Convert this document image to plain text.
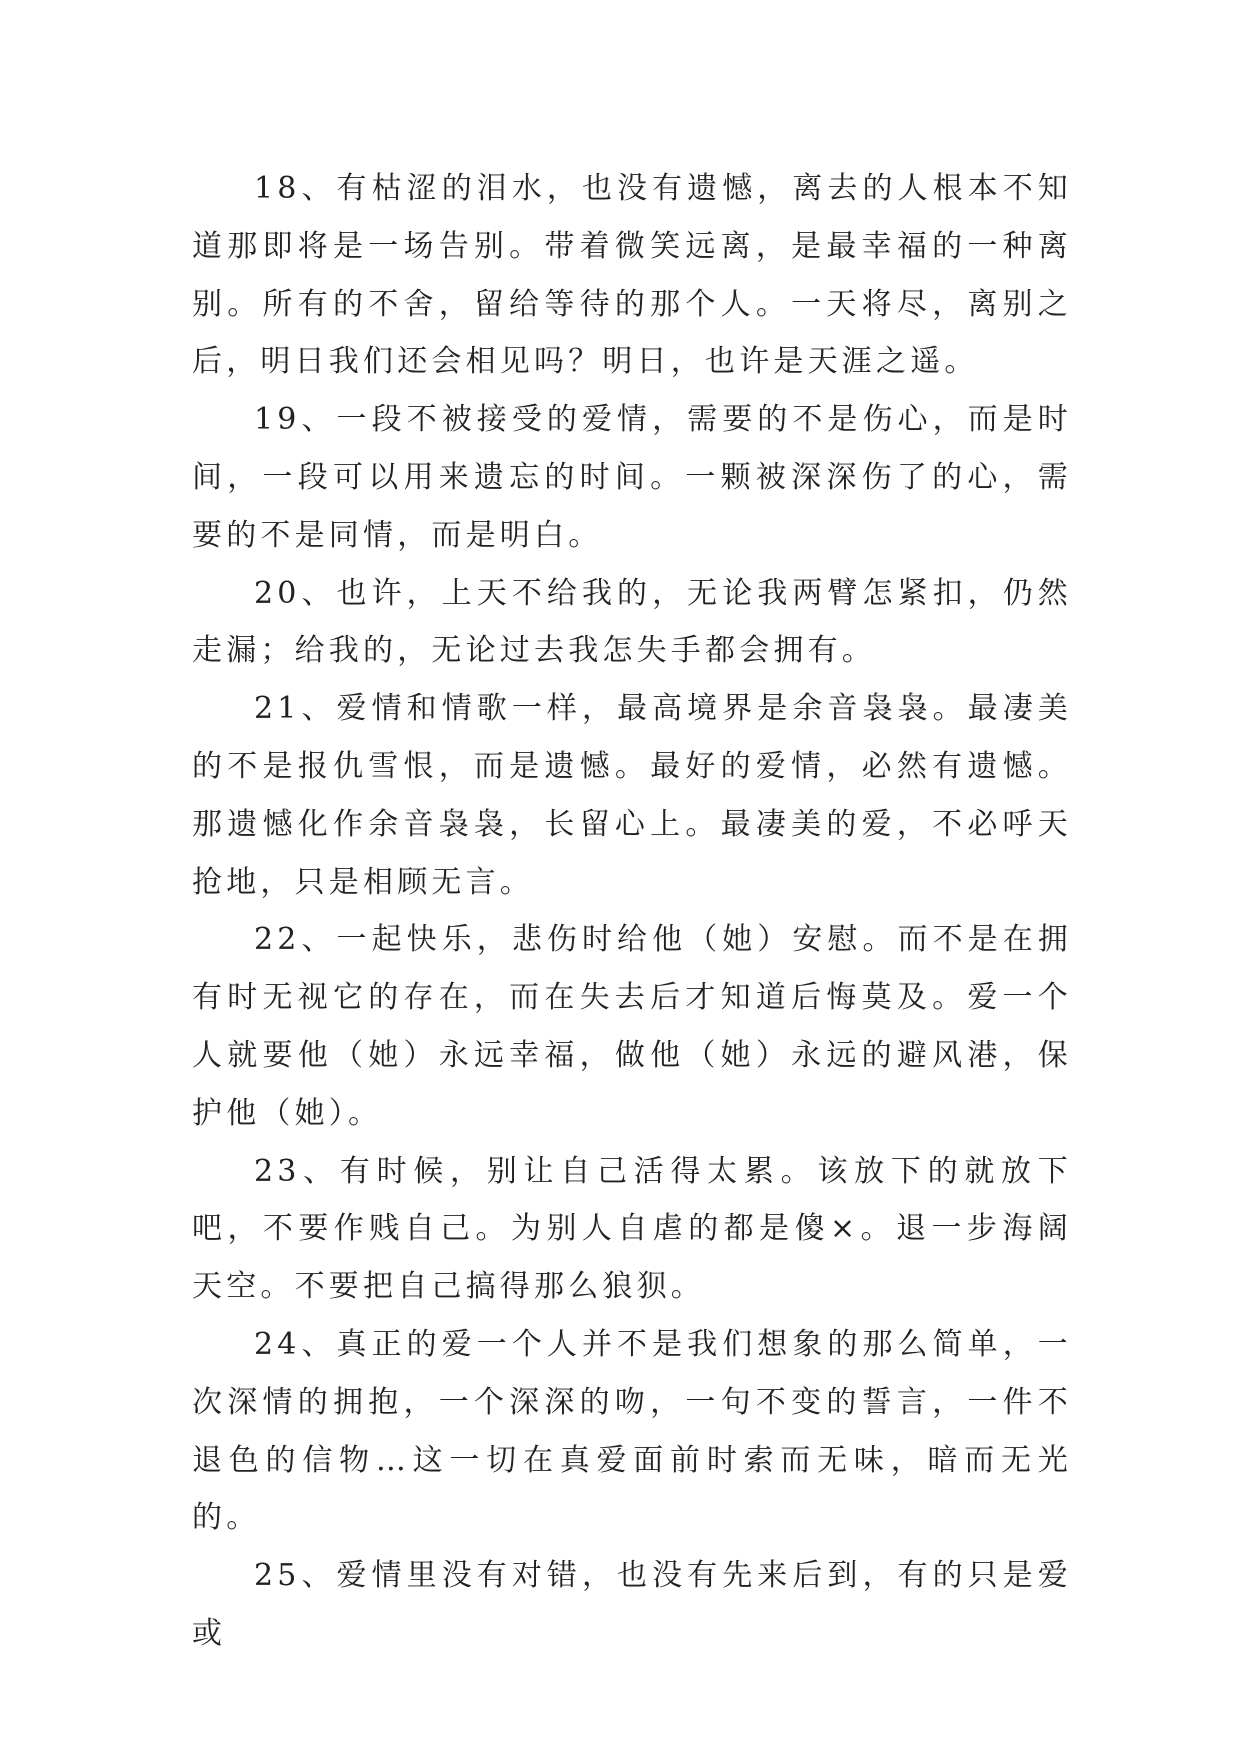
18、有枯涩的泪水，也没有遗憾，离去的人根本不知道那即将是一场告别。带着微笑远离，是最幸福的一种离别。所有的不舍，留给等待的那个人。一天将尽，离别之后，明日我们还会相见吗？明日，也许是天涯之遥。

19、一段不被接受的爱情，需要的不是伤心，而是时间，一段可以用来遗忘的时间。一颗被深深伤了的心，需要的不是同情，而是明白。

20、也许，上天不给我的，无论我两臂怎紧扣，仍然走漏；给我的，无论过去我怎失手都会拥有。

21、爱情和情歌一样，最高境界是余音袅袅。最凄美的不是报仇雪恨，而是遗憾。最好的爱情，必然有遗憾。那遗憾化作余音袅袅，长留心上。最凄美的爱，不必呼天抢地，只是相顾无言。

22、一起快乐，悲伤时给他（她）安慰。而不是在拥有时无视它的存在，而在失去后才知道后悔莫及。爱一个人就要他（她）永远幸福，做他（她）永远的避风港，保护他（她）。

23、有时候，别让自己活得太累。该放下的就放下吧，不要作贱自己。为别人自虐的都是傻×。退一步海阔天空。不要把自己搞得那么狼狈。

24、真正的爱一个人并不是我们想象的那么简单，一次深情的拥抱，一个深深的吻，一句不变的誓言，一件不退色的信物…这一切在真爱面前时索而无味，暗而无光的。

25、爱情里没有对错，也没有先来后到，有的只是爱或
